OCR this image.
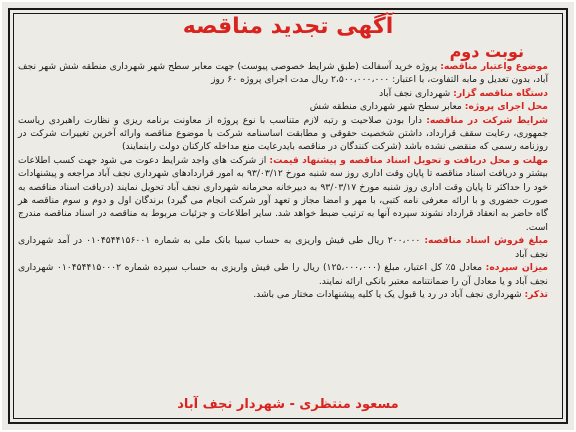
آگهی تجدید مناقصه
نوبت دوم

موضوع واعتبار مناقصه: پروژه خرید آسفالت (طبق شرایط خصوصی پیوست) جهت معابر سطح شهر شهرداری منطقه شش شهر نجف آباد، بدون تعدیل و مابه التفاوت، با اعتبار: ۲،۵۰۰،۰۰۰،۰۰۰ ریال مدت اجرای پروژه ۶۰ روز

دستگاه مناقصه گزار: شهرداری نجف آباد

محل اجرای پروژه: معابر سطح شهر شهرداری منطقه شش

شرایط شرکت در مناقصه: دارا بودن صلاحیت و رتبه لازم متناسب با نوع پروژه از معاونت برنامه ریزی و نظارت راهبردی ریاست جمهوری، رعایت سقف قرارداد، داشتن شخصیت حقوقی و مطابقت اساسنامه شرکت با موضوع مناقصه وارائه آخرین تغییرات شرکت در روزنامه رسمی که منقضی نشده باشد (شرکت کنندگان در مناقصه بایدرعایت منع مداخله کارکنان دولت رابنمایند)

مهلت و محل دریافت و تحویل اسناد مناقصه و پیشنهاد قیمت: از شرکت های واجد شرایط دعوت می شود جهت کسب اطلاعات بیشتر و دریافت اسناد مناقصه تا پایان وقت اداری روز سه شنبه مورخ ۹۳/۰۳/۱۲ به امور قراردادهای شهرداری نجف آباد مراجعه و پیشنهادات خود را حداکثر تا پایان وقت اداری روز شنبه مورخ ۹۳/۰۳/۱۷ به دبیرخانه محرمانه شهرداری نجف آباد تحویل نمایند (دریافت اسناد مناقصه به صورت حضوری و با ارائه معرفی نامه کتبی، با مهر و امضا مجاز و تعهد آور شرکت انجام می گیرد) برندگان اول و دوم و سوم مناقصه هر گاه حاضر به انعقاد قرارداد نشوند سپرده آنها به ترتیب ضبط خواهد شد. سایر اطلاعات و جزئیات مربوط به مناقصه در اسناد مناقصه مندرج است.

مبلغ فروش اسناد مناقصه: ۲۰۰،۰۰۰ ریال طی فیش واریزی به حساب سیبا بانک ملی به شماره ۰۱۰۴۵۴۴۱۵۶۰۰۱ در آمد شهرداری نجف آباد

میزان سپرده: معادل ۵٪ کل اعتبار، مبلغ (۱۲۵،۰۰۰،۰۰۰) ریال را طی فیش واریزی به حساب سپرده شماره ۰۱۰۴۵۴۴۱۵۰۰۰۲ شهرداری نجف آباد و یا معادل آن را ضمانتنامه معتبر بانکی ارائه نمایند.

تذکر: شهرداری نجف آباد در رد یا قبول یک یا کلیه پیشنهادات مختار می باشد.

مسعود منتظری - شهردار نجف آباد
